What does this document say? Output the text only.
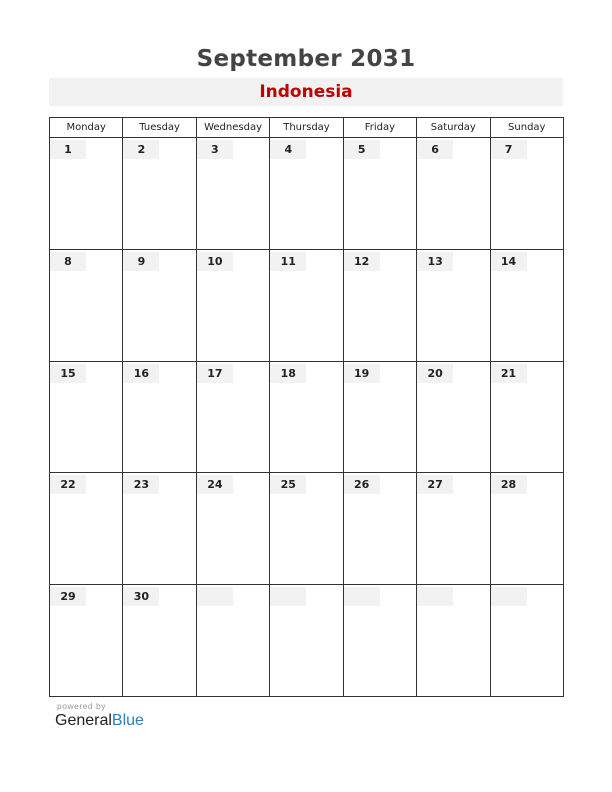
September 2031
Indonesia
Monday	Tuesday	Wednesday	Thursday	Friday	Saturday	Sunday

1	2	3	4	5	6	7

8	9	10	11	12	13	14

15	16	17	18	19	20	21

22	23	24	25	26	27	28

29	30					

powered by
GeneralBlue
